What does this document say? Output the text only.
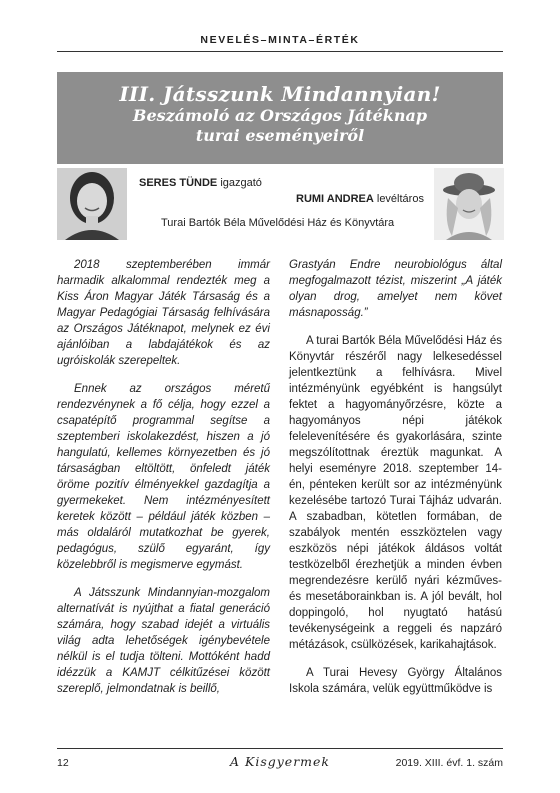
NEVELÉS–MINTA–ÉRTÉK
III. Játsszunk Mindannyian!
Beszámoló az Országos Játéknap
turai eseményeiről
SERES TÜNDE igazgató
RUMI ANDREA levéltáros
Turai Bartók Béla Művelődési Ház és Könyvtára

2018 szeptemberében immár harmadik alkalommal rendezték meg a Kiss Áron Magyar Játék Társaság és a Magyar Pedagógiai Társaság felhívására az Országos Játéknapot, melynek ez évi ajánlóiban a labdajátékok és az ugróiskolák szerepeltek.

Ennek az országos méretű rendezvénynek a fő célja, hogy ezzel a csapatépítő programmal segítse a szeptemberi iskolakezdést, hiszen a jó hangulatú, kellemes környezetben és jó társaságban eltöltött, önfeledt játék öröme pozitív élményekkel gazdagítja a gyermekeket. Nem intézményesített keretek között – például játék közben – más oldaláról mutatkozhat be gyerek, pedagógus, szülő egyaránt, így közelebbről is megismerve egymást.

A Játsszunk Mindannyian-mozgalom alternatívát is nyújthat a fiatal generáció számára, hogy szabad idejét a virtuális világ adta lehetőségek igénybevétele nélkül is el tudja tölteni. Mottóként hadd idézzük a KAMJT célkitűzései között szereplő, jelmondatnak is beillő,

Grastyán Endre neurobiológus által megfogalmazott tézist, miszerint „A játék olyan drog, amelyet nem követ másnaposság.”

A turai Bartók Béla Művelődési Ház és Könyvtár részéről nagy lelkesedéssel jelentkeztünk a felhívásra. Mivel intézményünk egyébként is hangsúlyt fektet a hagyományőrzésre, közte a hagyományos népi játékok felelevenítésére és gyakorlására, szinte megszólítottnak éreztük magunkat. A helyi eseményre 2018. szeptember 14-én, pénteken került sor az intézményünk kezelésébe tartozó Turai Tájház udvarán. A szabadban, kötetlen formában, de szabályok mentén esszköztelen vagy eszközös népi játékok áldásos voltát testközelből érezhetjük a minden évben megrendezésre kerülő nyári kézműves- és mesetáborainkban is. A jól bevált, hol doppingoló, hol nyugtató hatású tevékenységeink a reggeli és napzáró métázások, csülközések, karikahajtások.

A Turai Hevesy György Általános Iskola számára, velük együttműködve is

12	A Kisgyermek	2019. XIII. évf. 1. szám
